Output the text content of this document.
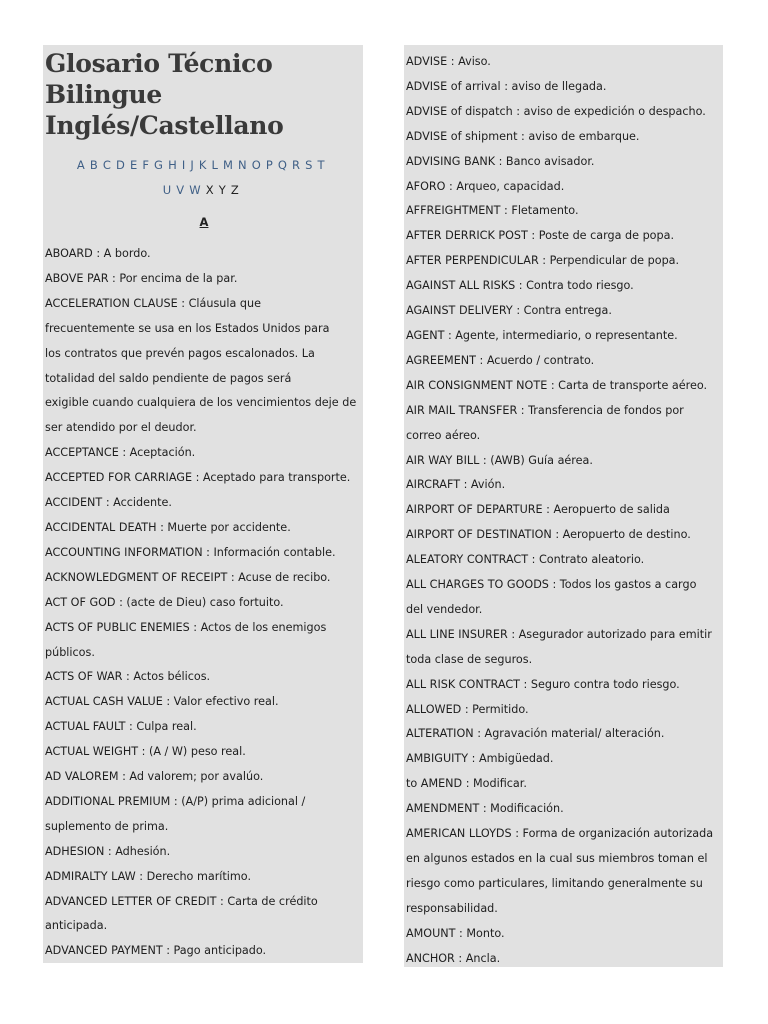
Glosario Técnico
Bilingue
Inglés/Castellano
A B C D E F G H I J K L M N O P Q R S T
U V W X Y Z
A
ABOARD : A bordo.
ABOVE PAR : Por encima de la par.
ACCELERATION CLAUSE : Cláusula que
frecuentemente se usa en los Estados Unidos para
los contratos que prevén pagos escalonados. La
totalidad del saldo pendiente de pagos será
exigible cuando cualquiera de los vencimientos deje de
ser atendido por el deudor.
ACCEPTANCE : Aceptación.
ACCEPTED FOR CARRIAGE : Aceptado para transporte.
ACCIDENT : Accidente.
ACCIDENTAL DEATH : Muerte por accidente.
ACCOUNTING INFORMATION : Información contable.
ACKNOWLEDGMENT OF RECEIPT : Acuse de recibo.
ACT OF GOD : (acte de Dieu) caso fortuito.
ACTS OF PUBLIC ENEMIES : Actos de los enemigos
públicos.
ACTS OF WAR : Actos bélicos.
ACTUAL CASH VALUE : Valor efectivo real.
ACTUAL FAULT : Culpa real.
ACTUAL WEIGHT : (A / W) peso real.
AD VALOREM : Ad valorem; por avalúo.
ADDITIONAL PREMIUM : (A/P) prima adicional /
suplemento de prima.
ADHESION : Adhesión.
ADMIRALTY LAW : Derecho marítimo.
ADVANCED LETTER OF CREDIT : Carta de crédito
anticipada.
ADVANCED PAYMENT : Pago anticipado.
ADVISE : Aviso.
ADVISE of arrival : aviso de llegada.
ADVISE of dispatch : aviso de expedición o despacho.
ADVISE of shipment : aviso de embarque.
ADVISING BANK : Banco avisador.
AFORO : Arqueo, capacidad.
AFFREIGHTMENT : Fletamento.
AFTER DERRICK POST : Poste de carga de popa.
AFTER PERPENDICULAR : Perpendicular de popa.
AGAINST ALL RISKS : Contra todo riesgo.
AGAINST DELIVERY : Contra entrega.
AGENT : Agente, intermediario, o representante.
AGREEMENT : Acuerdo / contrato.
AIR CONSIGNMENT NOTE : Carta de transporte aéreo.
AIR MAIL TRANSFER : Transferencia de fondos por
correo aéreo.
AIR WAY BILL : (AWB) Guía aérea.
AIRCRAFT : Avión.
AIRPORT OF DEPARTURE : Aeropuerto de salida
AIRPORT OF DESTINATION : Aeropuerto de destino.
ALEATORY CONTRACT : Contrato aleatorio.
ALL CHARGES TO GOODS : Todos los gastos a cargo
del vendedor.
ALL LINE INSURER : Asegurador autorizado para emitir
toda clase de seguros.
ALL RISK CONTRACT : Seguro contra todo riesgo.
ALLOWED : Permitido.
ALTERATION : Agravación material/ alteración.
AMBIGUITY : Ambigüedad.
to AMEND : Modificar.
AMENDMENT : Modificación.
AMERICAN LLOYDS : Forma de organización autorizada
en algunos estados en la cual sus miembros toman el
riesgo como particulares, limitando generalmente su
responsabilidad.
AMOUNT : Monto.
ANCHOR : Ancla.
